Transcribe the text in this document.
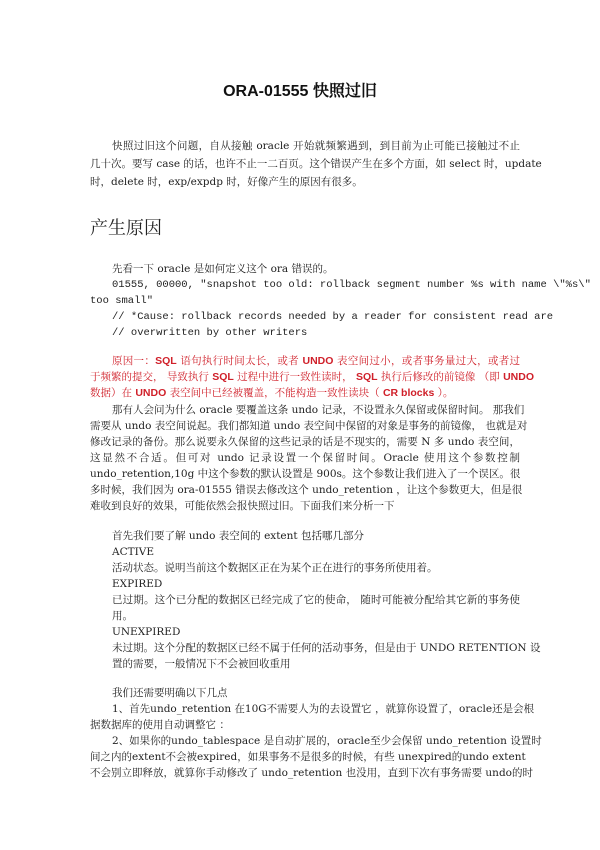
ORA-01555 快照过旧
快照过旧这个问题，自从接触 oracle 开始就频繁遇到，到目前为止可能已接触过不止
几十次。要写 case 的话，也许不止一二百页。这个错误产生在多个方面，如 select 时，update
时，delete 时，exp/expdp 时，好像产生的原因有很多。
产生原因
先看一下 oracle 是如何定义这个 ora 错误的。
01555, 00000, "snapshot too old: rollback segment number %s with name \"%s\"
too small"
// *Cause: rollback records needed by a reader for consistent read are
// overwritten by other writers
原因一：SQL 语句执行时间太长，或者 UNDO 表空间过小，或者事务量过大，或者过
于频繁的提交， 导致执行 SQL 过程中进行一致性读时， SQL 执行后修改的前镜像 （即 UNDO
数据）在 UNDO 表空间中已经被覆盖，不能构造一致性读块（ CR blocks ）。
那有人会问为什么 oracle 要覆盖这条 undo 记录，不设置永久保留或保留时间。 那我们
需要从 undo 表空间说起。我们都知道 undo 表空间中保留的对象是事务的前镜像， 也就是对
修改记录的备份。那么说要永久保留的这些记录的话是不现实的，需要 N 多 undo 表空间，
这显然不合适。但可对 undo 记录设置一个保留时间。Oracle 使用这个参数控制
undo_retention,10g 中这个参数的默认设置是 900s。这个参数让我们进入了一个误区。很
多时候，我们因为 ora-01555 错误去修改这个 undo_retention ，让这个参数更大，但是很
难收到良好的效果，可能依然会报快照过旧。下面我们来分析一下
首先我们要了解 undo 表空间的 extent 包括哪几部分
ACTIVE
活动状态。说明当前这个数据区正在为某个正在进行的事务所使用着。
EXPIRED
已过期。这个已分配的数据区已经完成了它的使命， 随时可能被分配给其它新的事务使
用。
UNEXPIRED
未过期。这个分配的数据区已经不属于任何的活动事务，但是由于 UNDO RETENTION 设
置的需要，一般情况下不会被回收重用
我们还需要明确以下几点
1、首先undo_retention 在10G不需要人为的去设置它 ，就算你设置了，oracle还是会根
据数据库的使用自动调整它 ：
2、如果你的undo_tablespace 是自动扩展的，oracle至少会保留 undo_retention 设置时
间之内的extent不会被expired，如果事务不是很多的时候，有些 unexpired的undo extent
不会别立即释放，就算你手动修改了 undo_retention 也没用，直到下次有事务需要 undo的时
